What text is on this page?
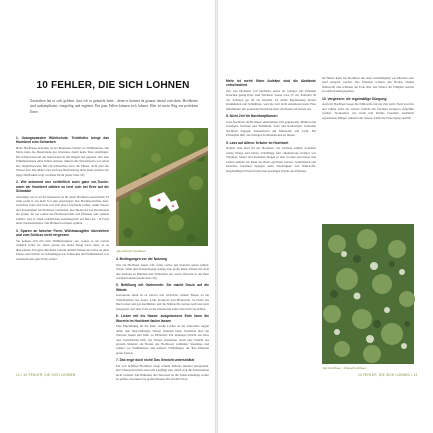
10 FEHLER, DIE SICH LOHNEN
Zuzüsehen hat es sich gelohnt, dass ich es gemacht habe – denn er kommt da genaue darauf zwischen: Hochbeete sind unkompliziert, trergiebig und ergeben. Ein paar Fallen können sich lohnen. Hier ist mein Weg zur perfekten Ernte.
1. Unangepassten Wühlschutz: Trichthöhe bringt das Hochbeet zum Schweben

Hohe Hochbeete brauchen an der Innenseite Schutz vor Wühlmäusen. Die Matte muss die Innenwände gut abdecken, damit keine Tiere eindringen. Die Schutzwand auf die Seitenwand ist mit Nägeln fest gepresst. Wer eine Wühlmausmatte ohne Schutz einbaut, riskiert eine Wurzelsperre von unten her; möglicherweise hält ein Schutzvlies zwar die Mäuse, nicht aber das Wasser fern. Die Matte wird nach der Bepflanzung nicht mehr sichtbar; für lange Haltbarkeit sorgt rostfreier Draht (siehe Seite 16).

2. Wie ankommt uns schließlich auch ganz vor-Trocke: wenn wir Hochbeet wählen so leert sich bei Erde auf die Schwalbe

Allerdings wie es an der Innenseite ist für einen Hochbeet ausreichend; Er sinkt wenn er ein nicht fort sein auszufegen: Der Hochbeetaufbau dazu. Zwischen Folie und Erde soll sich eine Luftschicht bilden, damit Wasser und Feuchtigkeit im Hochbeet verbleiben. Der Boden hat bei Hochbeeten ein genau, der zur Gänze die Hochbeetwände und Pflanzen sehr optimal schützt, dass er einen ordentlichen Gemüsegarten auf Beet hat - in Form eines Wechselnutzens. Die Pflanzen wachsen optimal.

3. Sparen an falscher Form: Wühlmausgitter überstehen und zum Schluss nicht vergessen

Sie kennen sich mit dem Wühlmausgitter aus, sodass es im Garten wirklich sicher ist. Denn gerade der Rand bringt Tiere dazu, es zu überwinden. Ein gutes Hochbeet braucht darüber hinaus das Gitter an allen Ecken, zum Schutz vor Schädlingen wie Schnecken und Wühlmäusen, was wiederum eine gute Ernte sichert.

Ein beheizt Hochbeet
4. Bedingungen vor der Nutzung

Wer ein Hochbeet bauen will, sollte vorher den Standort genau prüfen: Sonne, Wind und Wasserzugang spielen eine große Rolle. Planen Sie auch den Abstand zu Bäumen und Sträuchern ein, deren Wurzeln in das Beet wachsen können (siehe Seite 20).

5. Befüllung mit Gartenerde: Sie macht Druck auf die Wände

Gartenerde allein ist zu schwer und verdichtet schnell. Besser ist ein Schichtaufbau aus Ästen, Laub, Kompost und Pflanzerde. So bleibt das Beet locker und gut durchlüftet, und die Nährstoffe werden nach und nach freigesetzt. Auf eine Folie an der Innenwand sollte man nicht verzichten.

6. Lieber mit ins Nasse: ausgelassene Erde kann die Wurzeln im Hochbeet faulen lassen

Eine Empfehlung für die Erde: Große Löcher an der Unterseite sorgen dafür, dass überschüssiges Wasser ablaufen kann. Staunässe lässt die Wurzeln faulen und führt zu Pilzbefall. Ein Drainage-Schicht aus Kies oder Tonscherben hilft, das Wasser abzuleiten. Auch eine Schicht aus grobem Material am Boden des Hochbeets verhindert Staunässe und schützt vor Wühlmäusen und anderen Schädlingen, die Ihre Pflanzen gerne fressen.

7. Das enge doch nicht! Das Gewicht unterschätzt

Ein voll befülltes Hochbeet wiegt schnell mehrere hundert Kilogramm. Der Untergrund muss eben und tragfähig sein, damit sich die Konstruktion nicht verzieht. Auf Balkonen und Terrassen ist die Statik unbedingt vorher zu prüfen, besonders bei großen Beeten mit feuchter Erde.

12 • 10 FEHLER, DIE SICH LOHNEN
Mehr ist mehr! Beim Aufsäen sind die Abstände entscheidend

Wer sein Hochbeet voll bepflanzt, erntet oft weniger. Die Pflanzen brauchen genug Platz zum Wachsen: Salate etwa 25 cm, Kohlrabi 30 cm, Tomaten gar 60 cm Abstand. Zu dichte Bepflanzung fördert Krankheiten und Schädlinge, weil die Luft nicht zirkulieren kann. Eine Mischkultur mit passenden Nachbarn nutzt den Raum am besten aus.

8. Nicht Zeit für Nachbarpflanzen

Gute Nachbarn im Hochbeet unterstützen sich gegenseitig: Möhren und Zwiebeln, Tomaten und Basilikum, Salat und Radieschen. Schlechte Nachbarn dagegen konkurrieren um Nährstoffe und Licht. Ein Pflanzplan hilft, die richtigen Kombinationen zu finden.

9. Lass auf Alltem: Kräuter im Hochbeet

Kräuter sind ideal für das Hochbeet. Sie wachsen schnell, brauchen wenig Pflege und halten Schädlinge fern. Mediterrane Kräuter wie Thymian, Salbei und Rosmarin mögen es eher trocken und mager und sollten deshalb am Rand des Beets gepflanzt werden. Schnittlauch und Petersilie brauchen dagegen mehr Feuchtigkeit und Nährstoffe. Regelmäßiges Ernten fördert den buschigen Wuchs der Pflanzen.

Im Herbst kann das Hochbeet mit einer Gründüngung wie Phacelia oder Senf eingesät werden. Die Pflanzen lockern den Boden, binden Nährstoffe und schützen die Erde über den Winter. Im Frühjahr werden sie einfach untergegraben.

10. Vergessen: die regelmäßige Düngung

Auch im Hochbeet lassen die Nährstoffe mit der Zeit nach. Nach zwei bis drei Jahren sollte die oberste Schicht mit frischem Kompost aufgefüllt werden. Starkzehrer wie Kohl und Kürbis brauchen zusätzlich organischen Dünger während der Saison, damit die Ernte üppig ausfällt.

Ein Hochbeet · Kräuterhochbeet
10 FEHLER, DIE SICH LOHNEN • 13
